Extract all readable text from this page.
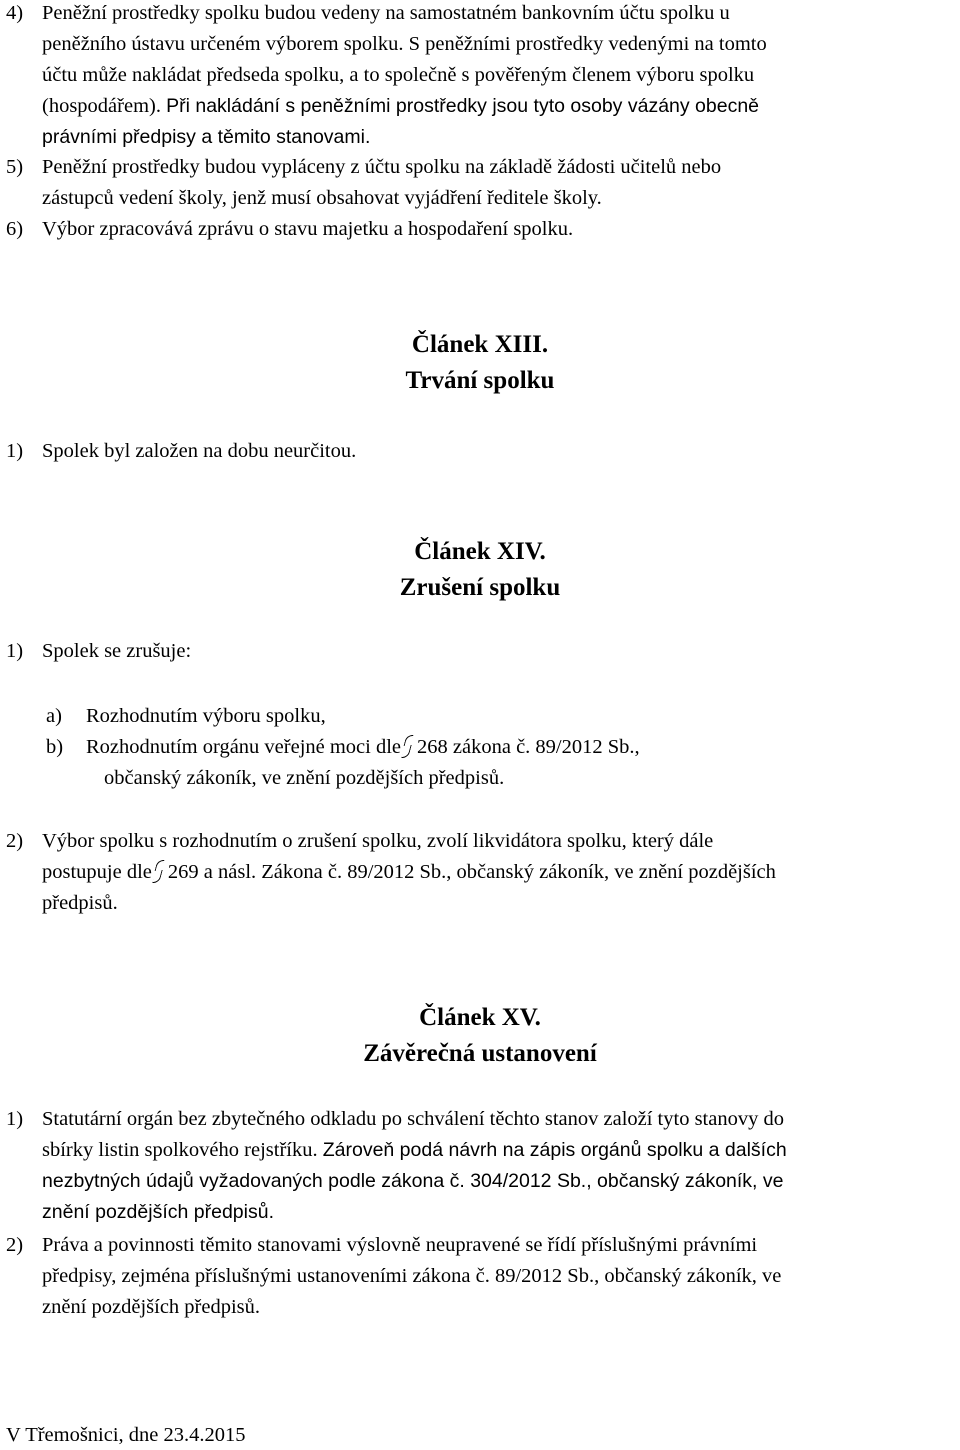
4) Peněžní prostředky spolku budou vedeny na samostatném bankovním účtu spolku u
peněžního ústavu určeném výborem spolku. S peněžními prostředky vedenými na tomto
účtu může nakládat předseda spolku, a to společně s pověřeným členem výboru spolku
(hospodářem). Při nakládání s peněžními prostředky jsou tyto osoby vázány obecně
právními předpisy a těmito stanovami.
5) Peněžní prostředky budou vypláceny z účtu spolku na základě žádosti učitelů nebo
zástupců vedení školy, jenž musí obsahovat vyjádření ředitele školy.
6) Výbor zpracovává zprávu o stavu majetku a hospodaření spolku.
Článek XIII.
Trvání spolku
1) Spolek byl založen na dobu neurčitou.
Článek XIV.
Zrušení spolku
1) Spolek se zrušuje:
a)	Rozhodnutím výboru spolku,
b)	Rozhodnutím orgánu veřejné moci dle 268 zákona č. 89/2012 Sb.,
občanský zákoník, ve znění pozdějších předpisů.
2) Výbor spolku s rozhodnutím o zrušení spolku, zvolí likvidátora spolku, který dále
postupuje dle 269 a násl. Zákona č. 89/2012 Sb., občanský zákoník, ve znění pozdějších
předpisů.
Článek XV.
Závěrečná ustanovení
1) Statutární orgán bez zbytečného odkladu po schválení těchto stanov založí tyto stanovy do
sbírky listin spolkového rejstříku. Zároveň podá návrh na zápis orgánů spolku a dalších
nezbytných údajů vyžadovaných podle zákona č. 304/2012 Sb., občanský zákoník, ve
znění pozdějších předpisů.
2) Práva a povinnosti těmito stanovami výslovně neupravené se řídí příslušnými právními
předpisy, zejména příslušnými ustanoveními zákona č. 89/2012 Sb., občanský zákoník, ve
znění pozdějších předpisů.

V Třemošnici, dne 23.4.2015
